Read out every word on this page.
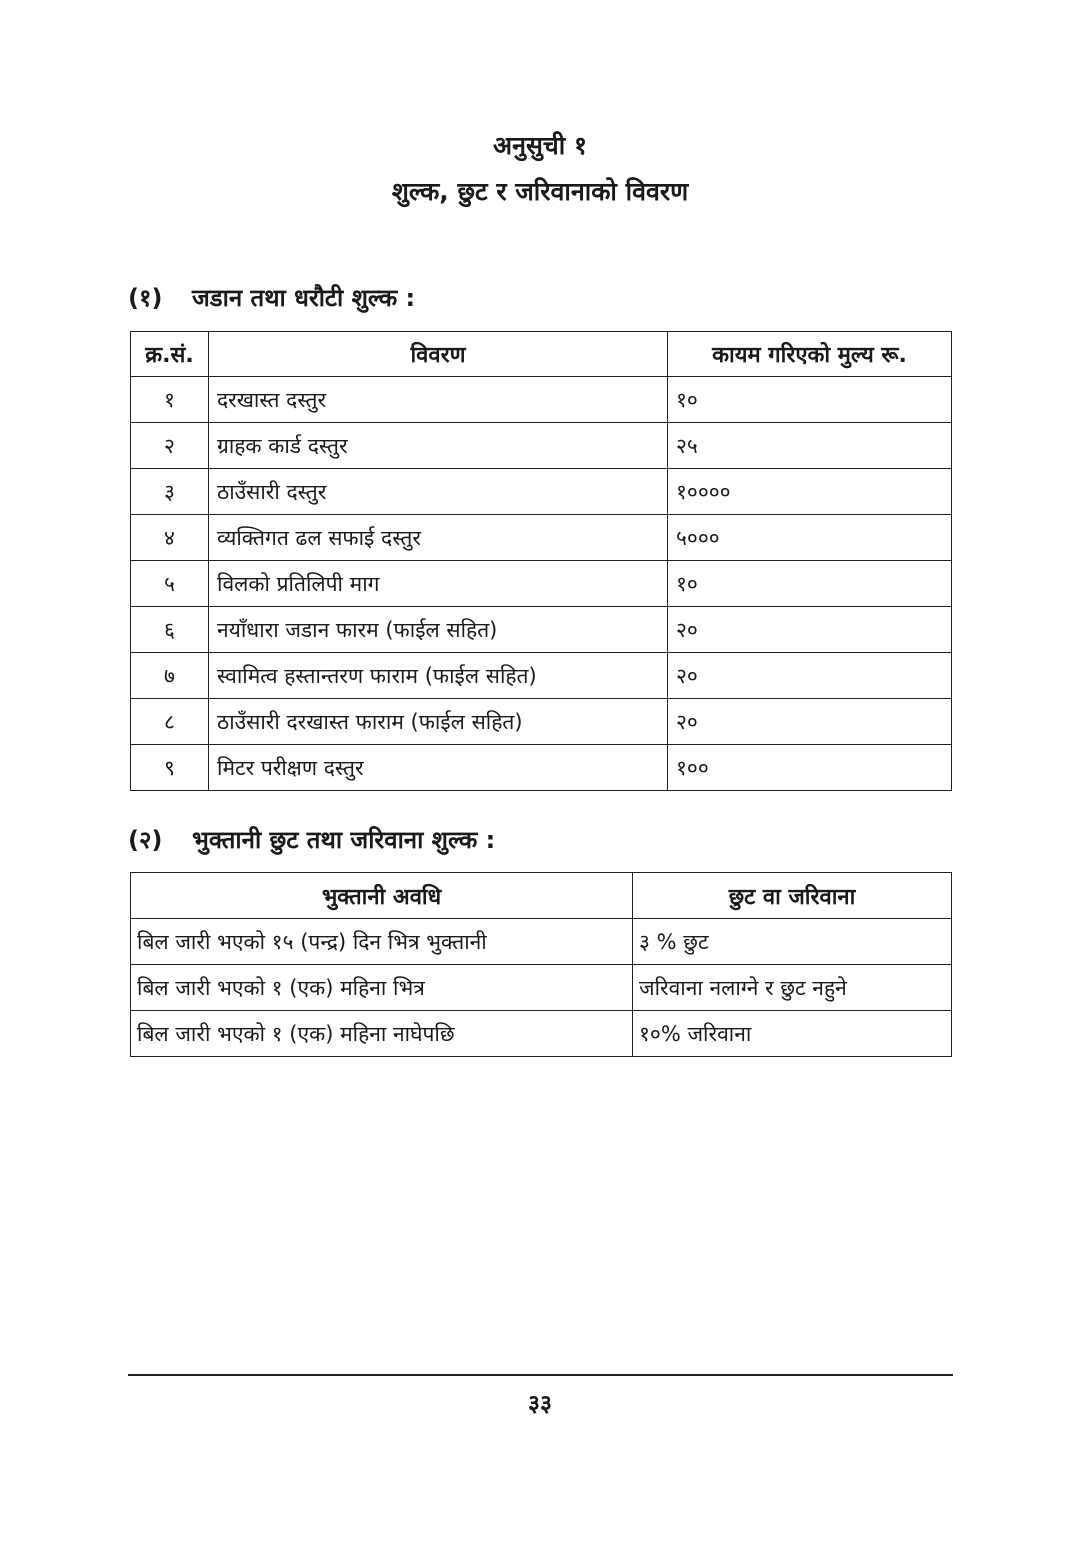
अनुसुची १
शुल्क, छुट र जरिवानाको विवरण
(१) जडान तथा धरौटी शुल्क :
क्र.सं.	विवरण	कायम गरिएको मुल्य रू.
१	दरखास्त दस्तुर	१०
२	ग्राहक कार्ड दस्तुर	२५
३	ठाउँसारी दस्तुर	१००००
४	व्यक्तिगत ढल सफाई दस्तुर	५०००
५	विलको प्रतिलिपी माग	१०
६	नयाँधारा जडान फारम (फाईल सहित)	२०
७	स्वामित्व हस्तान्तरण फाराम (फाईल सहित)	२०
८	ठाउँसारी दरखास्त फाराम (फाईल सहित)	२०
९	मिटर परीक्षण दस्तुर	१००
(२) भुक्तानी छुट तथा जरिवाना शुल्क :
भुक्तानी अवधि	छुट वा जरिवाना
बिल जारी भएको १५ (पन्द्र) दिन भित्र भुक्तानी	३ % छुट
बिल जारी भएको १ (एक) महिना भित्र	जरिवाना नलाग्ने र छुट नहुने
बिल जारी भएको १ (एक) महिना नाघेपछि	१०% जरिवाना
३३
